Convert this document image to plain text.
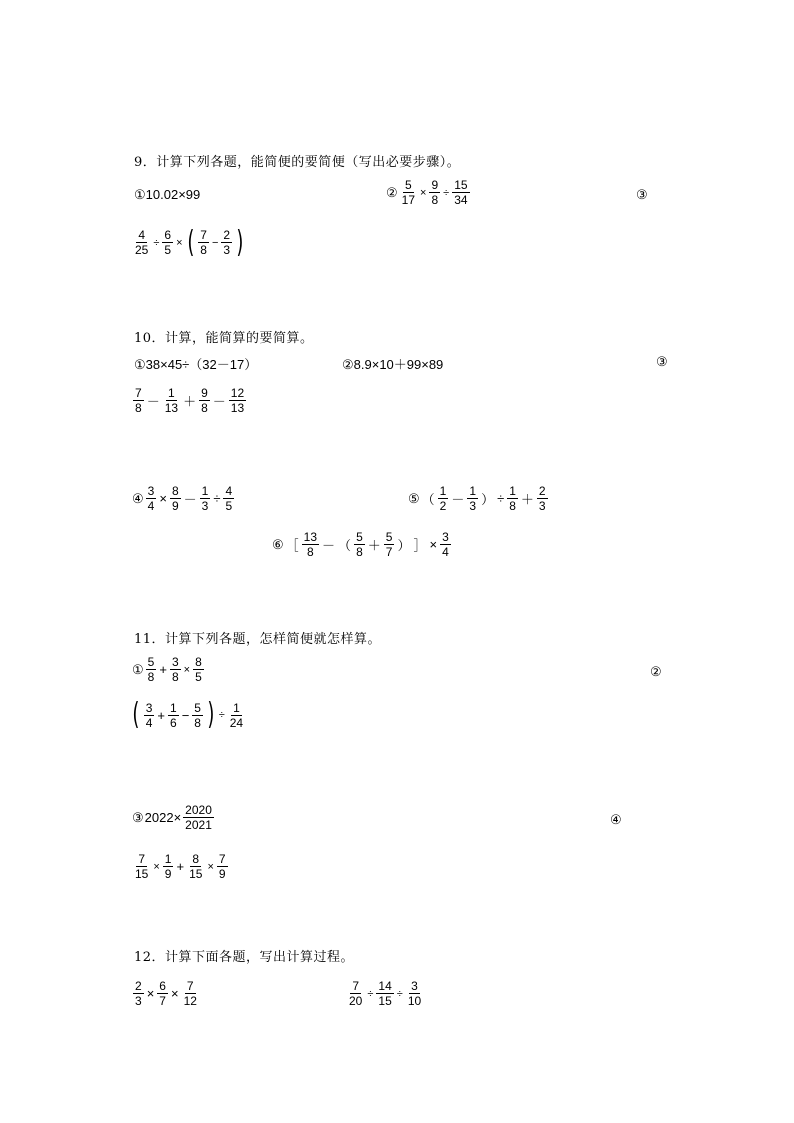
9．计算下列各题，能简便的要简便（写出必要步骤）。
①10.02×99	② $\frac{5}{17} \times \frac{9}{8} \div \frac{15}{34}$	③
$\frac{4}{25} \div \frac{6}{5}$ × ( $\frac{7}{8} - \frac{2}{3}$ )
10．计算，能简算的要简算。
①38×45÷（32－17）	②8.9×10＋99×89	③
$\frac{7}{8} - \frac{1}{13} + \frac{9}{8} - \frac{12}{13}$
④ $\frac{3}{4} \times \frac{8}{9} - \frac{1}{3} \div \frac{4}{5}$	⑤ （ $\frac{1}{2} - \frac{1}{3}$ ） ÷ $\frac{1}{8} + \frac{2}{3}$
⑥ ［ $\frac{13}{8}$ － （ $\frac{5}{8} + \frac{5}{7}$ ） ］ × $\frac{3}{4}$
11．计算下列各题，怎样简便就怎样算。
① $\frac{5}{8} + \frac{3}{8} \times \frac{8}{5}$	②
( $\frac{3}{4} + \frac{1}{6} - \frac{5}{8}$ ) ÷ $\frac{1}{24}$
③ $2022\times \frac{2020}{2021}$	④
$\frac{7}{15} \times \frac{1}{9} + \frac{8}{15} \times \frac{7}{9}$
12．计算下面各题，写出计算过程。
$\frac{2}{3} \times \frac{6}{7} \times \frac{7}{12}$	$\frac{7}{20} \div \frac{14}{15} \div \frac{3}{10}$
